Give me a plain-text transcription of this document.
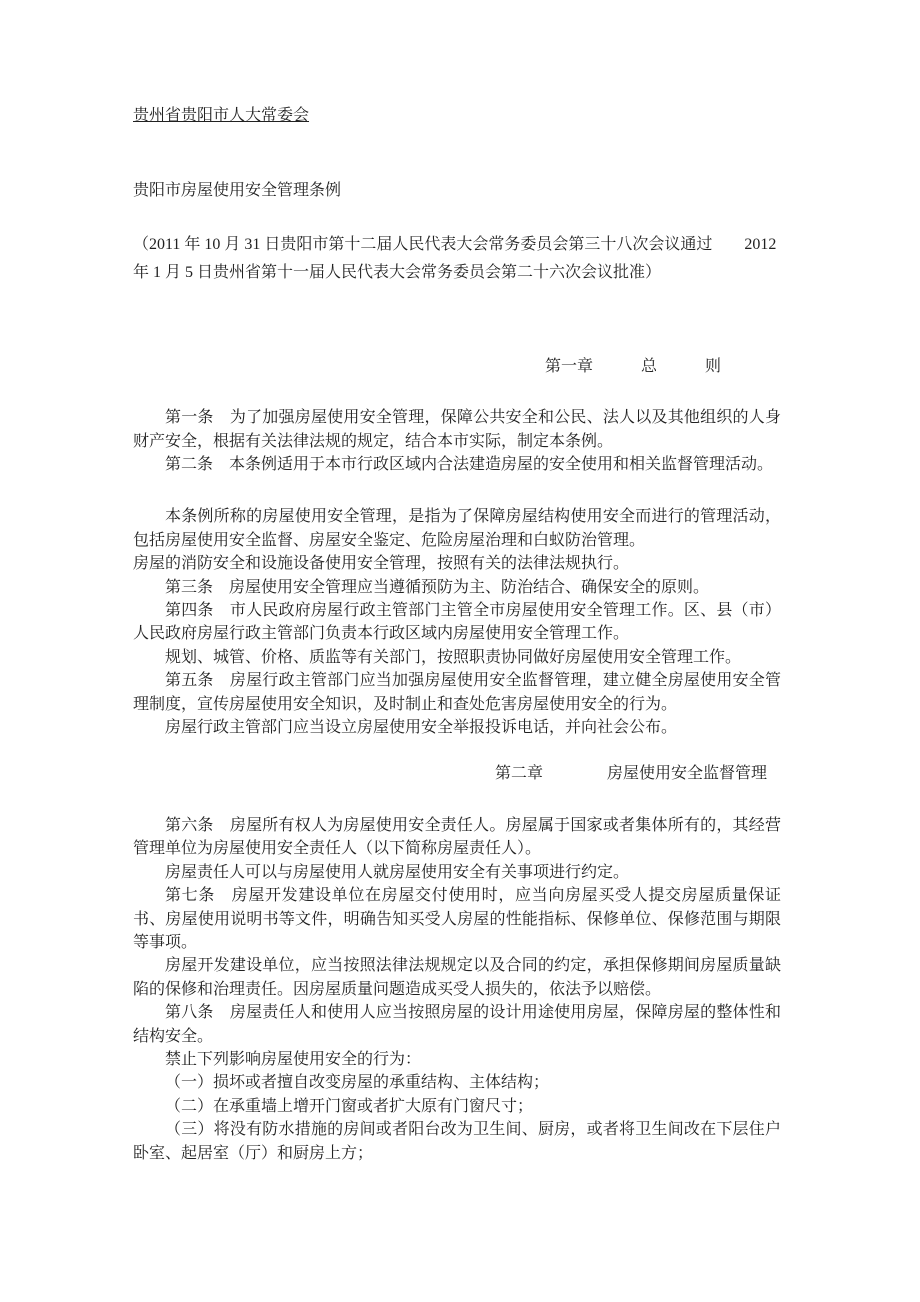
贵州省贵阳市人大常委会

贵阳市房屋使用安全管理条例

（2011 年 10 月 31 日贵阳市第十二届人民代表大会常务委员会第三十八次会议通过　　2012
年 1 月 5 日贵州省第十一届人民代表大会常务委员会第二十六次会议批准）

第一章　　　总　　　则

第一条　为了加强房屋使用安全管理，保障公共安全和公民、法人以及其他组织的人身财产安全，根据有关法律法规的规定，结合本市实际，制定本条例。

第二条　本条例适用于本市行政区域内合法建造房屋的安全使用和相关监督管理活动。

本条例所称的房屋使用安全管理，是指为了保障房屋结构使用安全而进行的管理活动，包括房屋使用安全监督、房屋安全鉴定、危险房屋治理和白蚁防治管理。

房屋的消防安全和设施设备使用安全管理，按照有关的法律法规执行。

第三条　房屋使用安全管理应当遵循预防为主、防治结合、确保安全的原则。

第四条　市人民政府房屋行政主管部门主管全市房屋使用安全管理工作。区、县（市）人民政府房屋行政主管部门负责本行政区域内房屋使用安全管理工作。

规划、城管、价格、质监等有关部门，按照职责协同做好房屋使用安全管理工作。

第五条　房屋行政主管部门应当加强房屋使用安全监督管理，建立健全房屋使用安全管理制度，宣传房屋使用安全知识，及时制止和查处危害房屋使用安全的行为。

房屋行政主管部门应当设立房屋使用安全举报投诉电话，并向社会公布。

第二章　　　　房屋使用安全监督管理

第六条　房屋所有权人为房屋使用安全责任人。房屋属于国家或者集体所有的，其经营管理单位为房屋使用安全责任人（以下简称房屋责任人）。

房屋责任人可以与房屋使用人就房屋使用安全有关事项进行约定。

第七条　房屋开发建设单位在房屋交付使用时，应当向房屋买受人提交房屋质量保证书、房屋使用说明书等文件，明确告知买受人房屋的性能指标、保修单位、保修范围与期限等事项。

房屋开发建设单位，应当按照法律法规规定以及合同的约定，承担保修期间房屋质量缺陷的保修和治理责任。因房屋质量问题造成买受人损失的，依法予以赔偿。

第八条　房屋责任人和使用人应当按照房屋的设计用途使用房屋，保障房屋的整体性和结构安全。

禁止下列影响房屋使用安全的行为：

（一）损坏或者擅自改变房屋的承重结构、主体结构；

（二）在承重墙上增开门窗或者扩大原有门窗尺寸；

（三）将没有防水措施的房间或者阳台改为卫生间、厨房，或者将卫生间改在下层住户卧室、起居室（厅）和厨房上方；
